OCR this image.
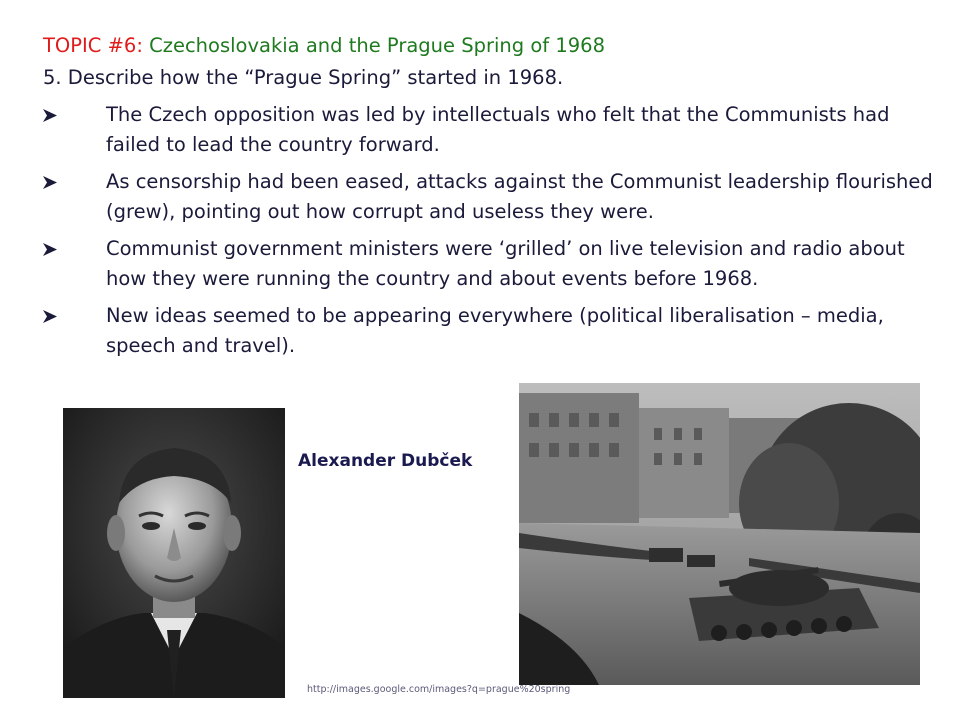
TOPIC #6: Czechoslovakia and the Prague Spring of 1968
5. Describe how the “Prague Spring” started in 1968.
The Czech opposition was led by intellectuals who felt that the Communists had failed to lead the country forward.
As censorship had been eased, attacks against the Communist leadership flourished (grew), pointing out how corrupt and useless they were.
Communist government ministers were ‘grilled’ on live television and radio about how they were running the country and about events before 1968.
New ideas seemed to be appearing everywhere (political liberalisation – media, speech and travel).
Alexander Dubček
http://images.google.com/images?q=prague%20spring
